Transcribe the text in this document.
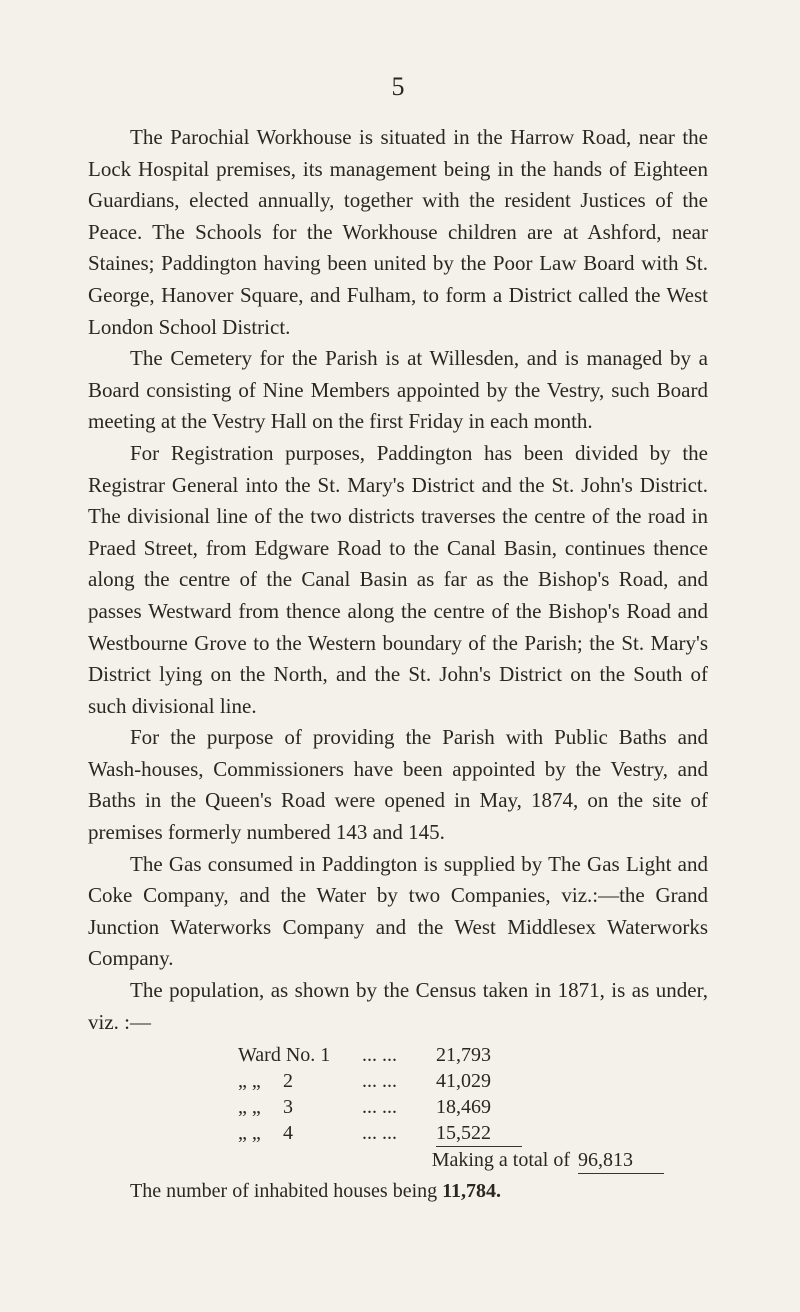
5

The Parochial Workhouse is situated in the Harrow Road, near the Lock Hospital premises, its management being in the hands of Eighteen Guardians, elected annually, together with the resident Justices of the Peace. The Schools for the Workhouse children are at Ashford, near Staines; Paddington having been united by the Poor Law Board with St. George, Hanover Square, and Fulham, to form a District called the West London School District.

The Cemetery for the Parish is at Willesden, and is managed by a Board consisting of Nine Members appointed by the Vestry, such Board meeting at the Vestry Hall on the first Friday in each month.

For Registration purposes, Paddington has been divided by the Registrar General into the St. Mary's District and the St. John's District. The divisional line of the two districts traverses the centre of the road in Praed Street, from Edgware Road to the Canal Basin, continues thence along the centre of the Canal Basin as far as the Bishop's Road, and passes Westward from thence along the centre of the Bishop's Road and Westbourne Grove to the Western boundary of the Parish; the St. Mary's District lying on the North, and the St. John's District on the South of such divisional line.

For the purpose of providing the Parish with Public Baths and Wash-houses, Commissioners have been appointed by the Vestry, and Baths in the Queen's Road were opened in May, 1874, on the site of premises formerly numbered 143 and 145.

The Gas consumed in Paddington is supplied by The Gas Light and Coke Company, and the Water by two Companies, viz.:—the Grand Junction Waterworks Company and the West Middlesex Waterworks Company.

The population, as shown by the Census taken in 1871, is as under, viz. :—

Ward No. 1	... ...	21,793
„ „ 2	... ...	41,029
„ „ 3	... ...	18,469
„ „ 4	... ...	15,522
Making a total of 96,813
The number of inhabited houses being 11,784.
